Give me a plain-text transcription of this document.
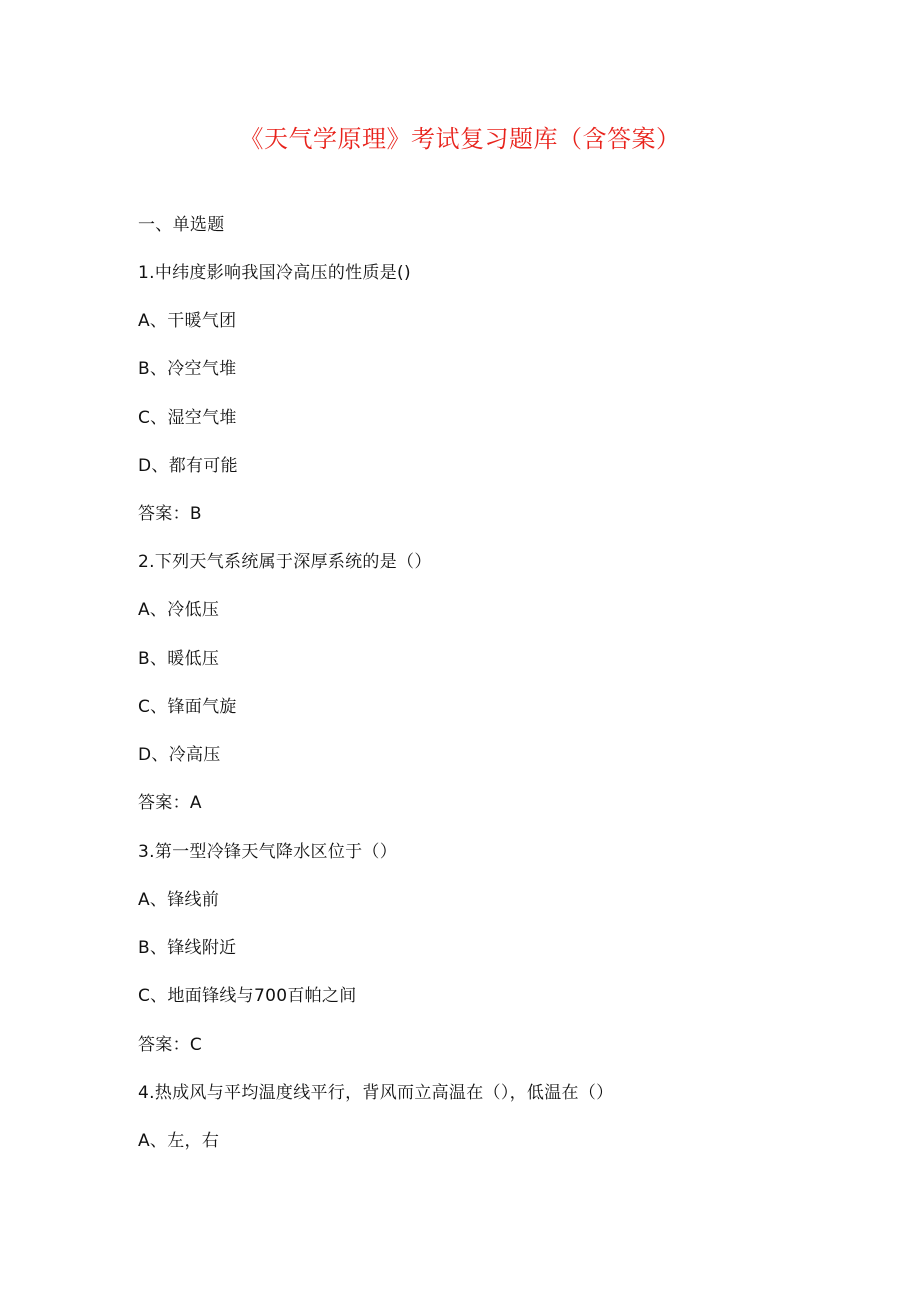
《天气学原理》考试复习题库（含答案）
一、单选题
1.中纬度影响我国冷高压的性质是()
A、干暖气团
B、冷空气堆
C、湿空气堆
D、都有可能
答案：B
2.下列天气系统属于深厚系统的是（）
A、冷低压
B、暖低压
C、锋面气旋
D、冷高压
答案：A
3.第一型冷锋天气降水区位于（）
A、锋线前
B、锋线附近
C、地面锋线与700百帕之间
答案：C
4.热成风与平均温度线平行，背风而立高温在（），低温在（）
A、左，右
